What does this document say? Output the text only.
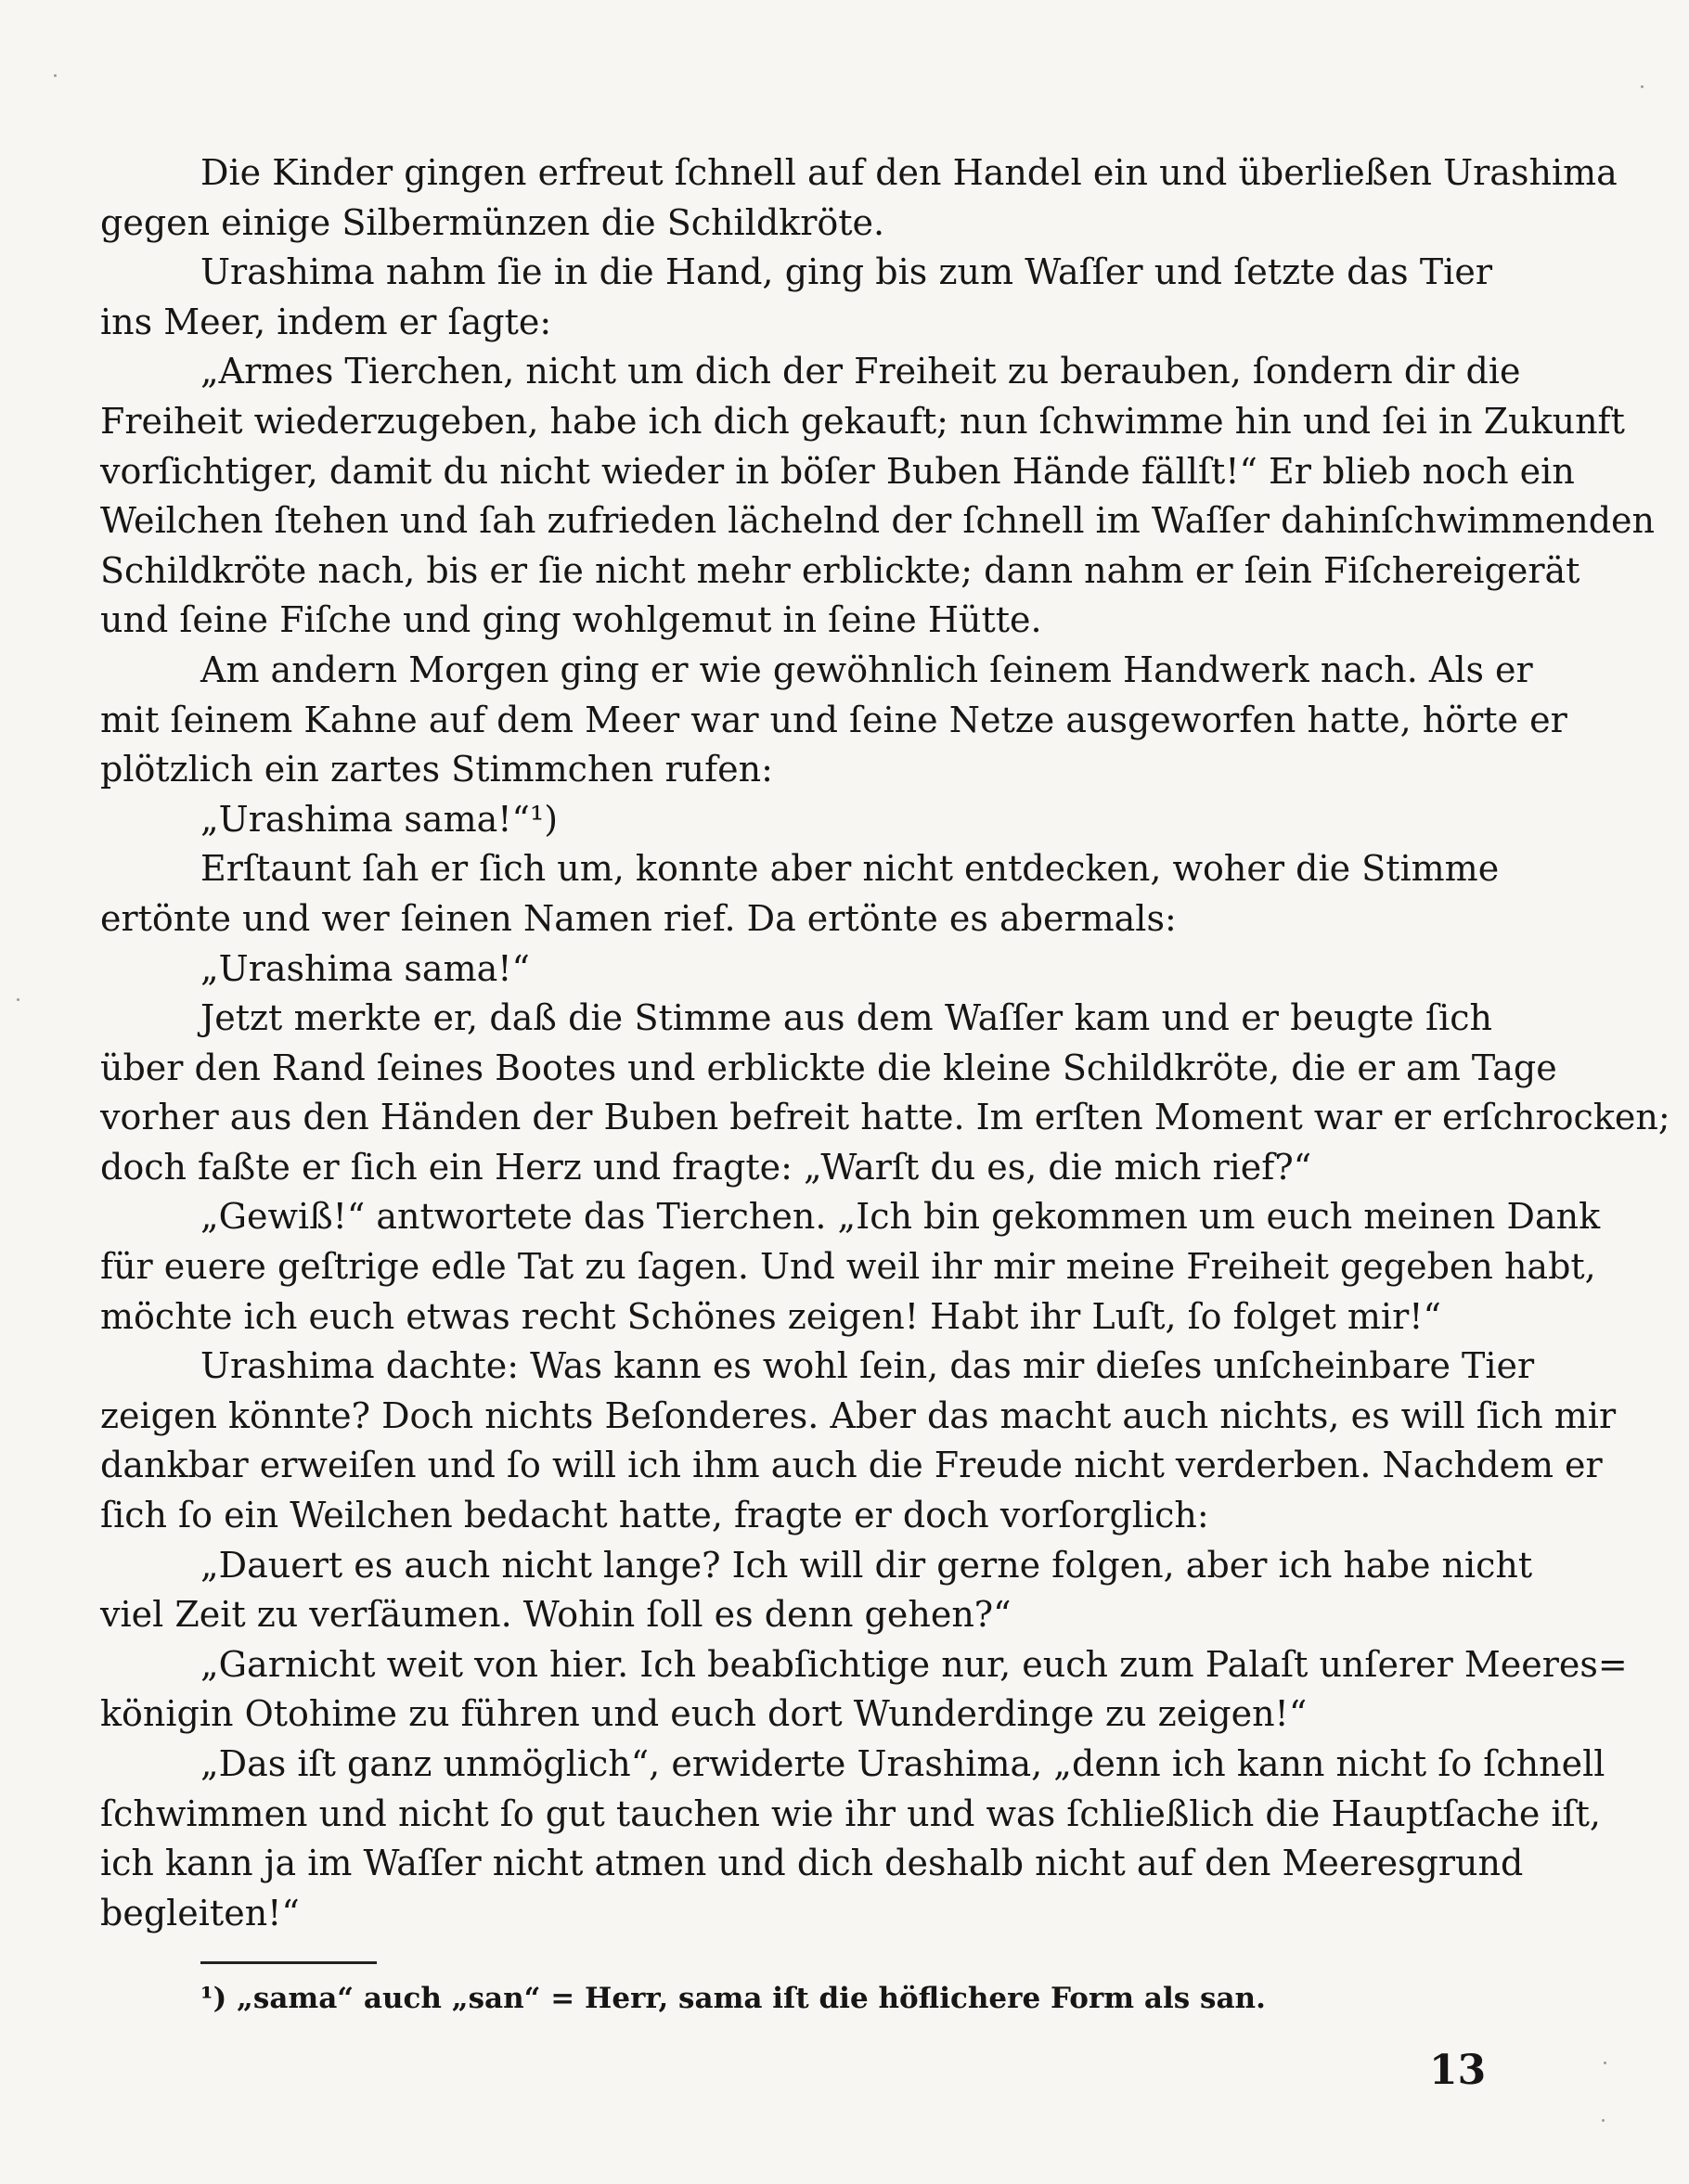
Die Kinder gingen erfreut ſchnell auf den Handel ein und überließen Urashima
gegen einige Silbermünzen die Schildkröte.
Urashima nahm ſie in die Hand, ging bis zum Waſſer und ſetzte das Tier
ins Meer, indem er ſagte:
„Armes Tierchen, nicht um dich der Freiheit zu berauben, ſondern dir die
Freiheit wiederzugeben, habe ich dich gekauft; nun ſchwimme hin und ſei in Zukunft
vorſichtiger, damit du nicht wieder in böſer Buben Hände fällſt!“ Er blieb noch ein
Weilchen ſtehen und ſah zufrieden lächelnd der ſchnell im Waſſer dahinſchwimmenden
Schildkröte nach, bis er ſie nicht mehr erblickte; dann nahm er ſein Fiſchereigerät
und ſeine Fiſche und ging wohlgemut in ſeine Hütte.
Am andern Morgen ging er wie gewöhnlich ſeinem Handwerk nach. Als er
mit ſeinem Kahne auf dem Meer war und ſeine Netze ausgeworfen hatte, hörte er
plötzlich ein zartes Stimmchen rufen:
„Urashima sama!“¹)
Erſtaunt ſah er ſich um, konnte aber nicht entdecken, woher die Stimme
ertönte und wer ſeinen Namen rief. Da ertönte es abermals:
„Urashima sama!“
Jetzt merkte er, daß die Stimme aus dem Waſſer kam und er beugte ſich
über den Rand ſeines Bootes und erblickte die kleine Schildkröte, die er am Tage
vorher aus den Händen der Buben befreit hatte. Im erſten Moment war er erſchrocken;
doch faßte er ſich ein Herz und fragte: „Warſt du es, die mich rief?“
„Gewiß!“ antwortete das Tierchen. „Ich bin gekommen um euch meinen Dank
für euere geſtrige edle Tat zu ſagen. Und weil ihr mir meine Freiheit gegeben habt,
möchte ich euch etwas recht Schönes zeigen! Habt ihr Luſt, ſo folget mir!“
Urashima dachte: Was kann es wohl ſein, das mir dieſes unſcheinbare Tier
zeigen könnte? Doch nichts Beſonderes. Aber das macht auch nichts, es will ſich mir
dankbar erweiſen und ſo will ich ihm auch die Freude nicht verderben. Nachdem er
ſich ſo ein Weilchen bedacht hatte, fragte er doch vorſorglich:
„Dauert es auch nicht lange? Ich will dir gerne folgen, aber ich habe nicht
viel Zeit zu verſäumen. Wohin ſoll es denn gehen?“
„Garnicht weit von hier. Ich beabſichtige nur, euch zum Palaſt unſerer Meeres=
königin Otohime zu führen und euch dort Wunderdinge zu zeigen!“
„Das iſt ganz unmöglich“, erwiderte Urashima, „denn ich kann nicht ſo ſchnell
ſchwimmen und nicht ſo gut tauchen wie ihr und was ſchließlich die Hauptſache iſt,
ich kann ja im Waſſer nicht atmen und dich deshalb nicht auf den Meeresgrund
begleiten!“
¹) „sama“ auch „san“ = Herr, sama iſt die höflichere Form als san.
13
